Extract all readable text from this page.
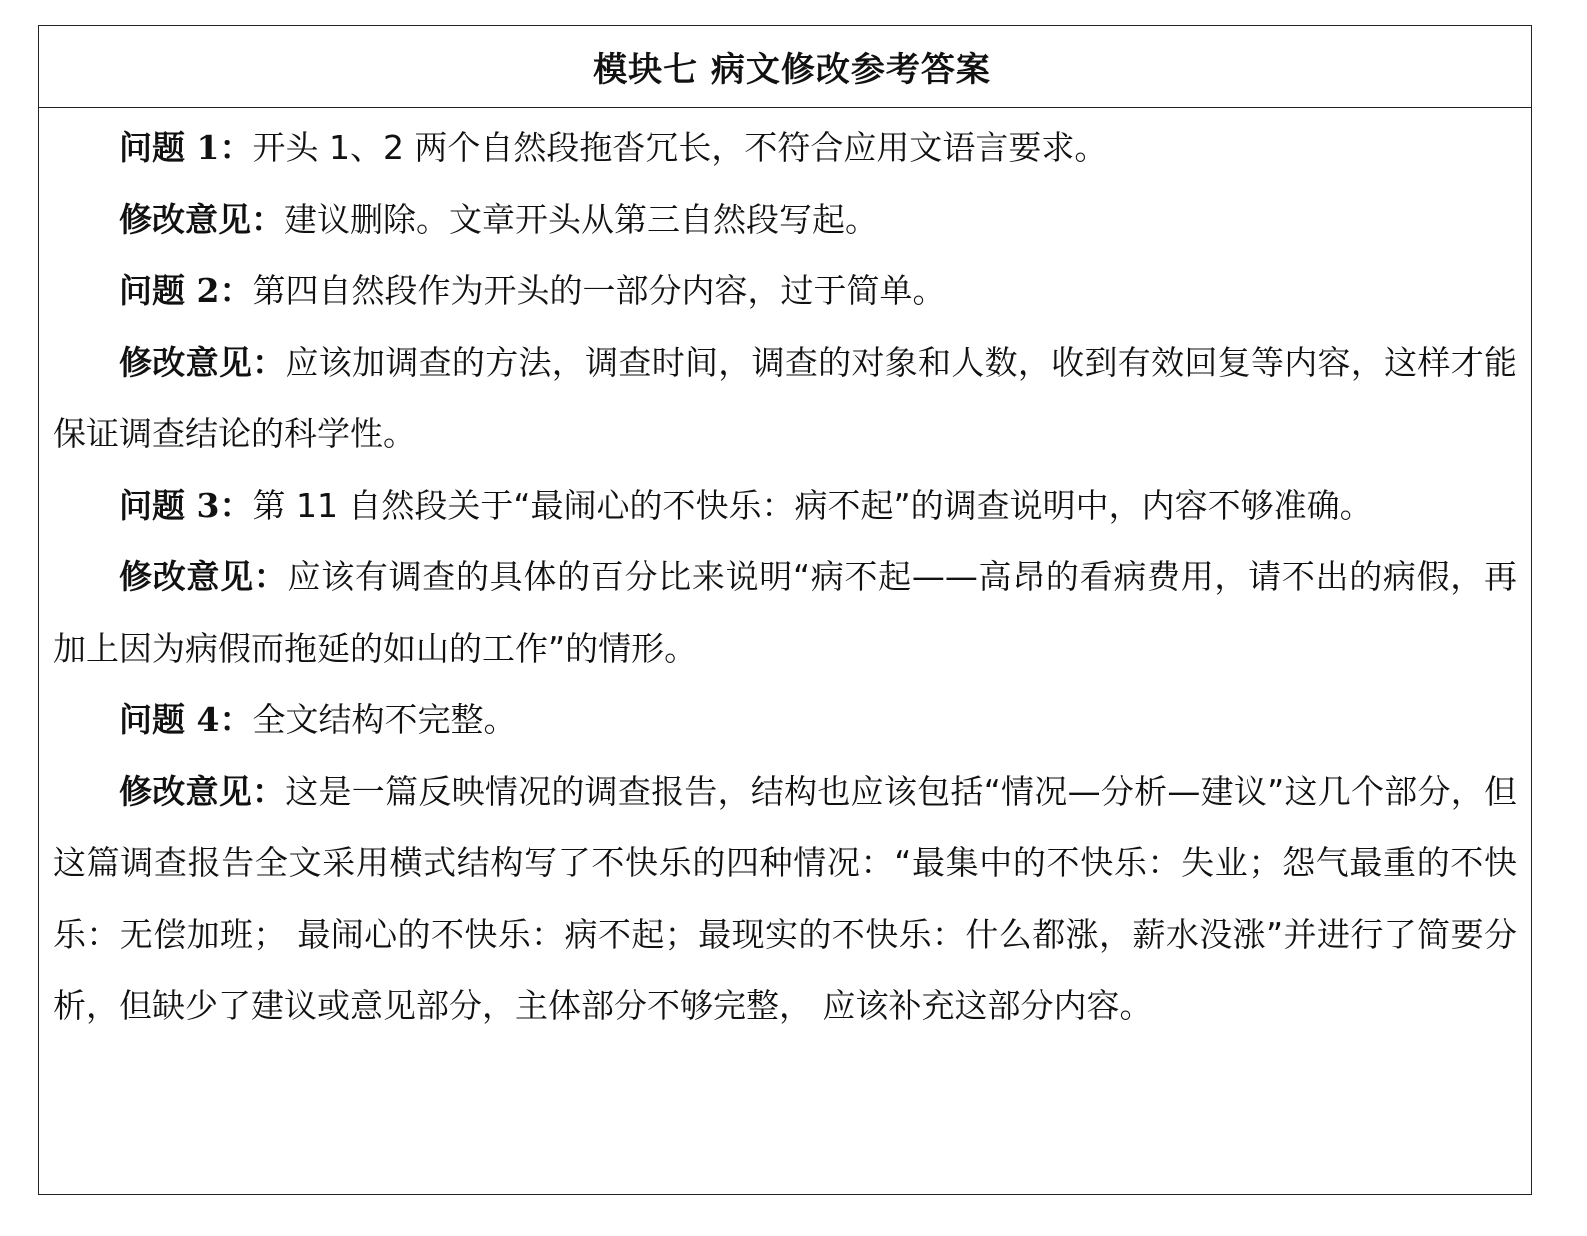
模块七 病文修改参考答案

问题 1：开头 1、2 两个自然段拖沓冗长，不符合应用文语言要求。

修改意见：建议删除。文章开头从第三自然段写起。

问题 2：第四自然段作为开头的一部分内容，过于简单。

修改意见：应该加调查的方法，调查时间，调查的对象和人数，收到有效回复等内容，这样才能保证调查结论的科学性。

问题 3：第 11 自然段关于“最闹心的不快乐：病不起”的调查说明中，内容不够准确。

修改意见：应该有调查的具体的百分比来说明“病不起——高昂的看病费用，请不出的病假，再加上因为病假而拖延的如山的工作”的情形。

问题 4：全文结构不完整。

修改意见：这是一篇反映情况的调查报告，结构也应该包括“情况—分析—建议”这几个部分，但这篇调查报告全文采用横式结构写了不快乐的四种情况：“最集中的不快乐：失业；怨气最重的不快乐：无偿加班； 最闹心的不快乐：病不起；最现实的不快乐：什么都涨，薪水没涨”并进行了简要分析，但缺少了建议或意见部分，主体部分不够完整， 应该补充这部分内容。
